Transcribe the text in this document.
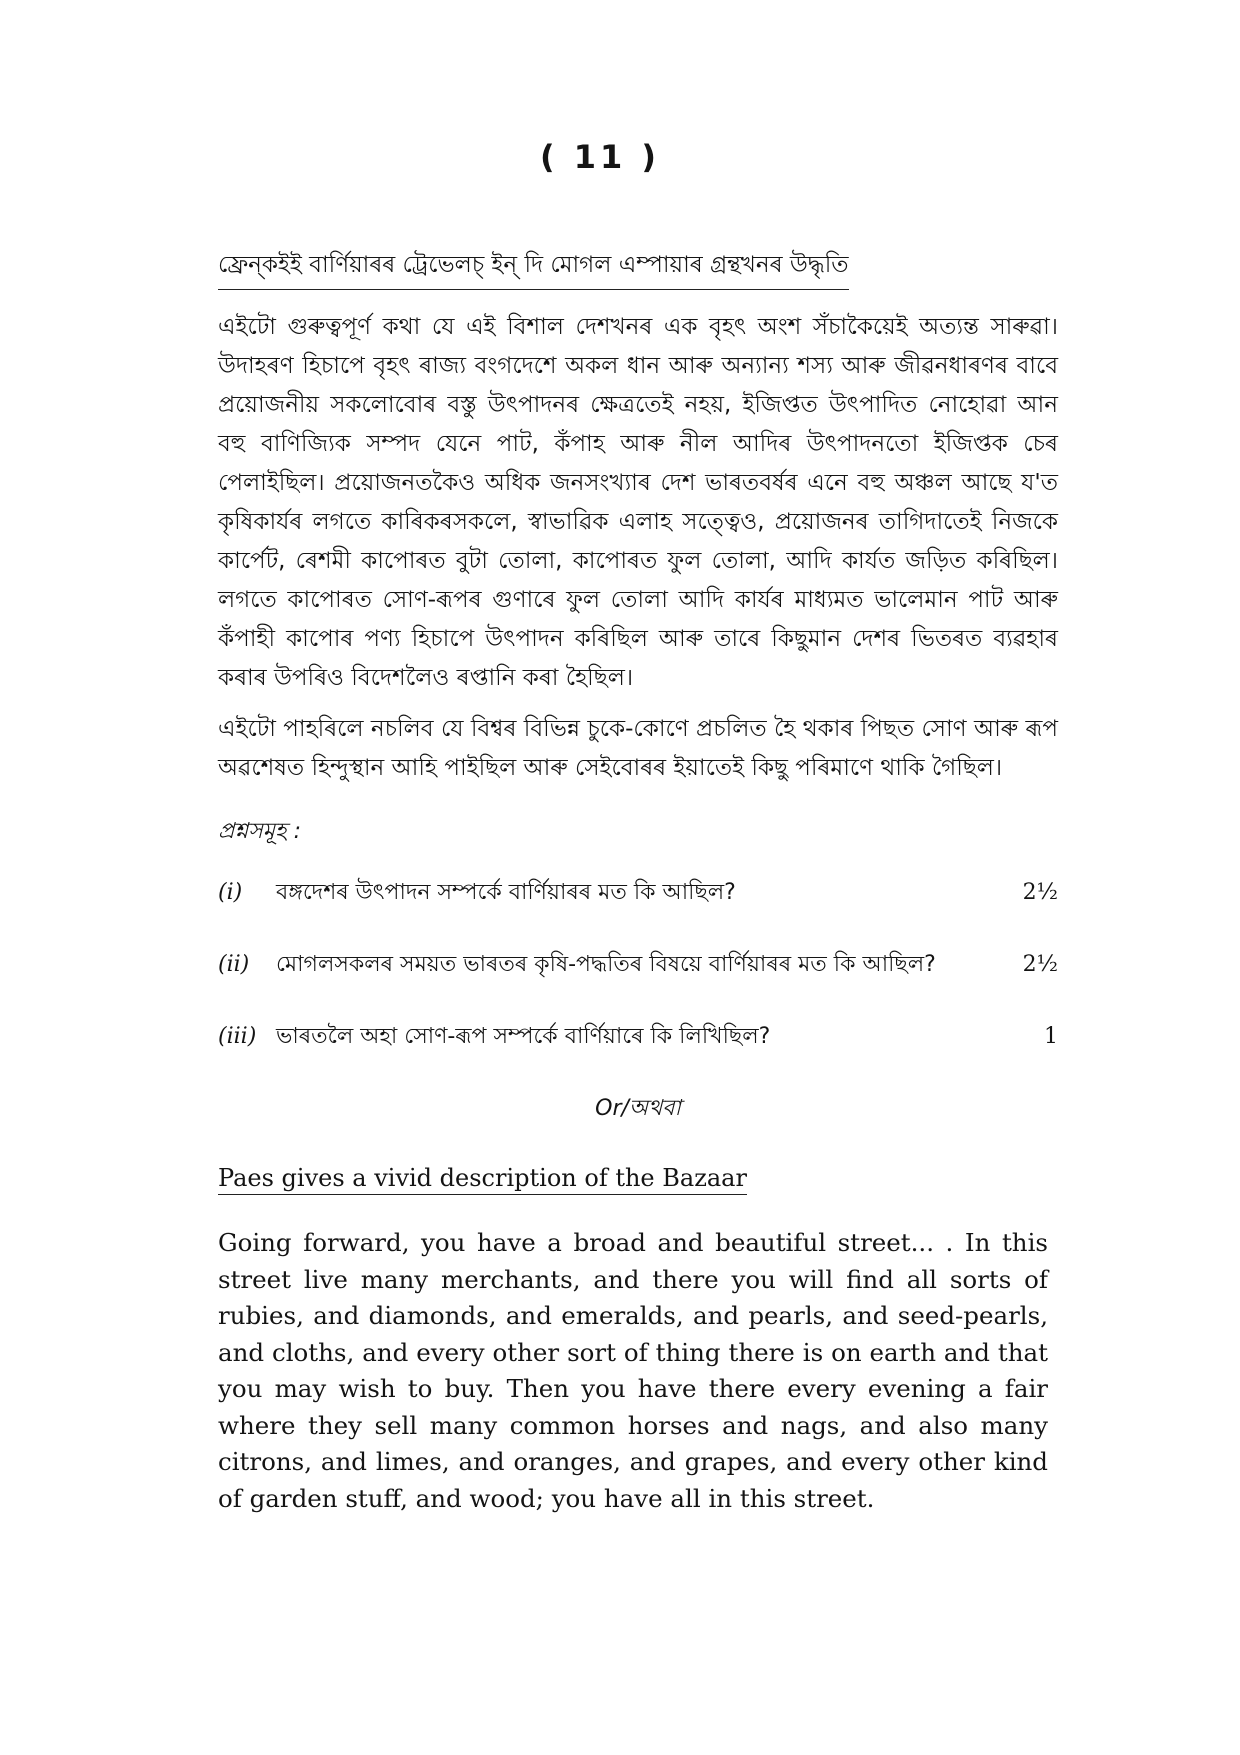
( 11 )
ফ্ৰেন্কইই বাৰ্ণিয়াৰৰ ট্ৰেভেলচ্ ইন্ দি মোগল এম্পায়াৰ গ্ৰন্থখনৰ উদ্ধৃতি

এইটো গুৰুত্বপূৰ্ণ কথা যে এই বিশাল দেশখনৰ এক বৃহৎ অংশ সঁচাকৈয়েই অত্যন্ত সাৰুৱা। উদাহৰণ হিচাপে বৃহৎ ৰাজ্য বংগদেশে অকল ধান আৰু অন্যান্য শস্য আৰু জীৱনধাৰণৰ বাবে প্ৰয়োজনীয় সকলোবোৰ বস্তু উৎপাদনৰ ক্ষেত্ৰতেই নহয়, ইজিপ্তত উৎপাদিত নোহোৱা আন বহু বাণিজ্যিক সম্পদ যেনে পাট, কঁপাহ আৰু নীল আদিৰ উৎপাদনতো ইজিপ্তক চেৰ পেলাইছিল। প্ৰয়োজনতকৈও অধিক জনসংখ্যাৰ দেশ ভাৰতবৰ্ষৰ এনে বহু অঞ্চল আছে য'ত কৃষিকাৰ্যৰ লগতে কাৰিকৰসকলে, স্বাভাৱিক এলাহ সত্ত্বেও, প্ৰয়োজনৰ তাগিদাতেই নিজকে কাৰ্পেট, ৰেশমী কাপোৰত বুটা তোলা, কাপোৰত ফুল তোলা, আদি কাৰ্যত জড়িত কৰিছিল। লগতে কাপোৰত সোণ-ৰূপৰ গুণাৰে ফুল তোলা আদি কাৰ্যৰ মাধ্যমত ভালেমান পাট আৰু কঁপাহী কাপোৰ পণ্য হিচাপে উৎপাদন কৰিছিল আৰু তাৰে কিছুমান দেশৰ ভিতৰত ব্যৱহাৰ কৰাৰ উপৰিও বিদেশলৈও ৰপ্তানি কৰা হৈছিল।

এইটো পাহৰিলে নচলিব যে বিশ্বৰ বিভিন্ন চুকে-কোণে প্ৰচলিত হৈ থকাৰ পিছত সোণ আৰু ৰূপ অৱশেষত হিন্দুস্থান আহি পাইছিল আৰু সেইবোৰৰ ইয়াতেই কিছু পৰিমাণে থাকি গৈছিল।

প্ৰশ্নসমূহ :
(i)	বঙ্গদেশৰ উৎপাদন সম্পৰ্কে বাৰ্ণিয়াৰৰ মত কি আছিল?	2½
(ii)	মোগলসকলৰ সময়ত ভাৰতৰ কৃষি-পদ্ধতিৰ বিষয়ে বাৰ্ণিয়াৰৰ মত কি আছিল?	2½
(iii) ভাৰতলৈ অহা সোণ-ৰূপ সম্পৰ্কে বাৰ্ণিয়াৰে কি লিখিছিল?	1
Or/অথবা
Paes gives a vivid description of the Bazaar

Going forward, you have a broad and beautiful street... . In this street live many merchants, and there you will find all sorts of rubies, and diamonds, and emeralds, and pearls, and seed-pearls, and cloths, and every other sort of thing there is on earth and that you may wish to buy. Then you have there every evening a fair where they sell many common horses and nags, and also many citrons, and limes, and oranges, and grapes, and every other kind of garden stuff, and wood; you have all in this street.
